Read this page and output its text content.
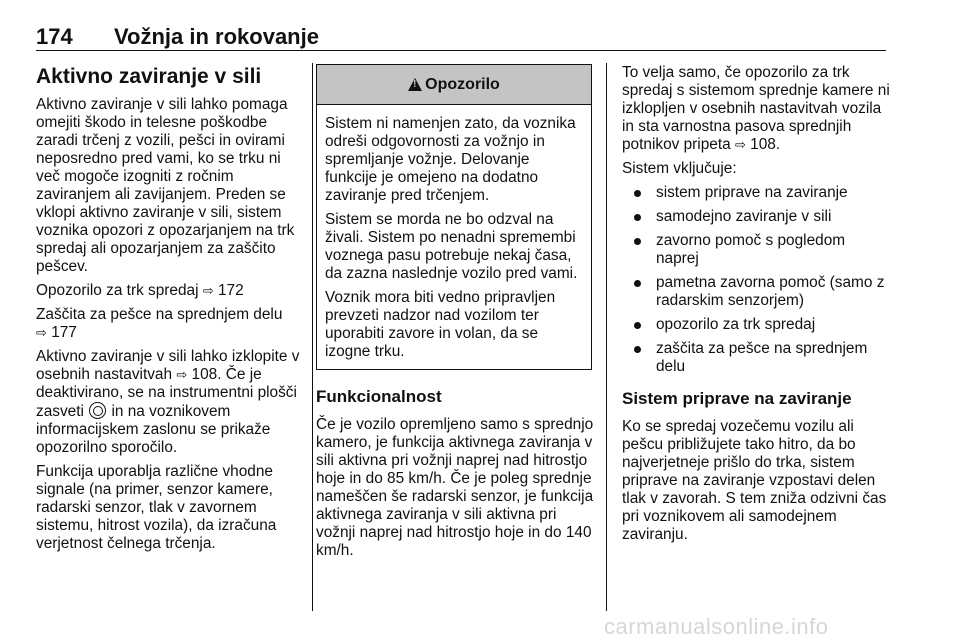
174	Vožnja in rokovanje
Aktivno zaviranje v sili

Aktivno zaviranje v sili lahko pomaga omejiti škodo in telesne poškodbe zaradi trčenj z vozili, pešci in ovirami neposredno pred vami, ko se trku ni več mogoče izogniti z ročnim zaviranjem ali zavijanjem. Preden se vklopi aktivno zaviranje v sili, sistem voznika opozori z opozarjanjem na trk spredaj ali opozarjanjem za zaščito pešcev.

Opozorilo za trk spredaj ⇨ 172

Zaščita za pešce na sprednjem delu
⇨ 177

Aktivno zaviranje v sili lahko izklopite v osebnih nastavitvah ⇨ 108. Če je deaktivirano, se na instrumentni plošči zasveti in na voznikovem informacijskem zaslonu se prikaže opozorilno sporočilo.

Funkcija uporablja različne vhodne signale (na primer, senzor kamere, radarski senzor, tlak v zavornem sistemu, hitrost vozila), da izračuna verjetnost čelnega trčenja.

!
Opozorilo

Sistem ni namenjen zato, da voznika odreši odgovornosti za vožnjo in spremljanje vožnje. Delovanje funkcije je omejeno na dodatno zaviranje pred trčenjem.

Sistem se morda ne bo odzval na živali. Sistem po nenadni spremembi voznega pasu potrebuje nekaj časa, da zazna naslednje vozilo pred vami.

Voznik mora biti vedno pripravljen prevzeti nadzor nad vozilom ter uporabiti zavore in volan, da se izogne trku.

Funkcionalnost

Če je vozilo opremljeno samo s sprednjo kamero, je funkcija aktivnega zaviranja v sili aktivna pri vožnji naprej nad hitrostjo hoje in do 85 km/h. Če je poleg sprednje nameščen še radarski senzor, je funkcija aktivnega zaviranja v sili aktivna pri vožnji naprej nad hitrostjo hoje in do 140 km/h.

To velja samo, če opozorilo za trk spredaj s sistemom sprednje kamere ni izklopljen v osebnih nastavitvah vozila in sta varnostna pasova sprednjih potnikov pripeta ⇨ 108.

Sistem vključuje:

sistem priprave na zaviranje
samodejno zaviranje v sili
zavorno pomoč s pogledom naprej
pametna zavorna pomoč (samo z radarskim senzorjem)
opozorilo za trk spredaj
zaščita za pešce na sprednjem delu
Sistem priprave na zaviranje

Ko se spredaj vozečemu vozilu ali pešcu približujete tako hitro, da bo najverjetneje prišlo do trka, sistem priprave na zaviranje vzpostavi delen tlak v zavorah. S tem zniža odzivni čas pri voznikovem ali samodejnem zaviranju.

carmanualsonline.info
